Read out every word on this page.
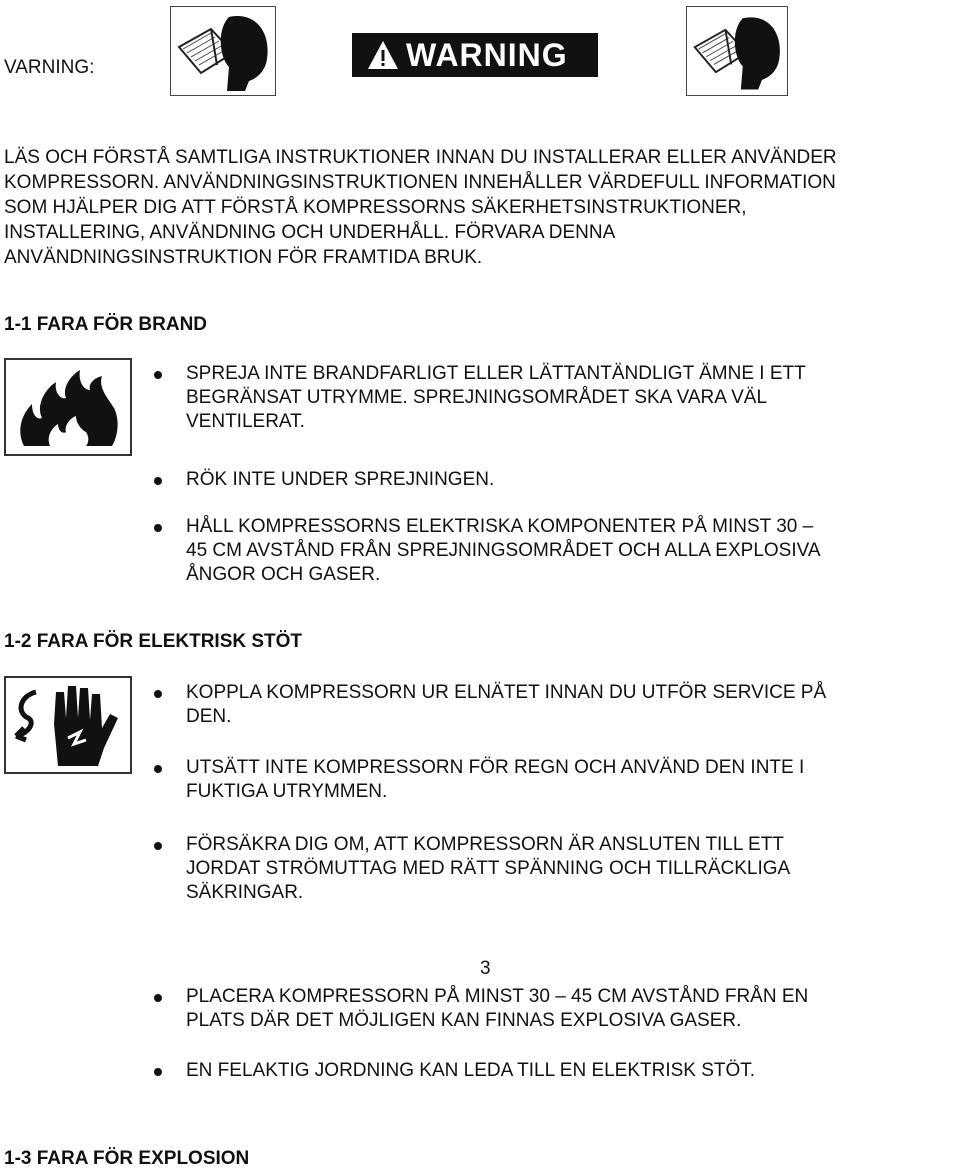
VARNING:	WARNING
LÄS OCH FÖRSTÅ SAMTLIGA INSTRUKTIONER INNAN DU INSTALLERAR ELLER ANVÄNDER
KOMPRESSORN. ANVÄNDNINGSINSTRUKTIONEN INNEHÅLLER VÄRDEFULL INFORMATION
SOM HJÄLPER DIG ATT FÖRSTÅ KOMPRESSORNS SÄKERHETSINSTRUKTIONER,
INSTALLERING, ANVÄNDNING OCH UNDERHÅLL. FÖRVARA DENNA
ANVÄNDNINGSINSTRUKTION FÖR FRAMTIDA BRUK.
1-1 FARA FÖR BRAND
SPREJA INTE BRANDFARLIGT ELLER LÄTTANTÄNDLIGT ÄMNE I ETT
BEGRÄNSAT UTRYMME. SPREJNINGSOMRÅDET SKA VARA VÄL
VENTILERAT.
RÖK INTE UNDER SPREJNINGEN.
HÅLL KOMPRESSORNS ELEKTRISKA KOMPONENTER PÅ MINST 30 –
45 CM AVSTÅND FRÅN SPREJNINGSOMRÅDET OCH ALLA EXPLOSIVA
ÅNGOR OCH GASER.
1-2 FARA FÖR ELEKTRISK STÖT
KOPPLA KOMPRESSORN UR ELNÄTET INNAN DU UTFÖR SERVICE PÅ
DEN.
UTSÄTT INTE KOMPRESSORN FÖR REGN OCH ANVÄND DEN INTE I
FUKTIGA UTRYMMEN.
FÖRSÄKRA DIG OM, ATT KOMPRESSORN ÄR ANSLUTEN TILL ETT
JORDAT STRÖMUTTAG MED RÄTT SPÄNNING OCH TILLRÄCKLIGA
SÄKRINGAR.
3
PLACERA KOMPRESSORN PÅ MINST 30 – 45 CM AVSTÅND FRÅN EN
PLATS DÄR DET MÖJLIGEN KAN FINNAS EXPLOSIVA GASER.
EN FELAKTIG JORDNING KAN LEDA TILL EN ELEKTRISK STÖT.
1-3 FARA FÖR EXPLOSION
